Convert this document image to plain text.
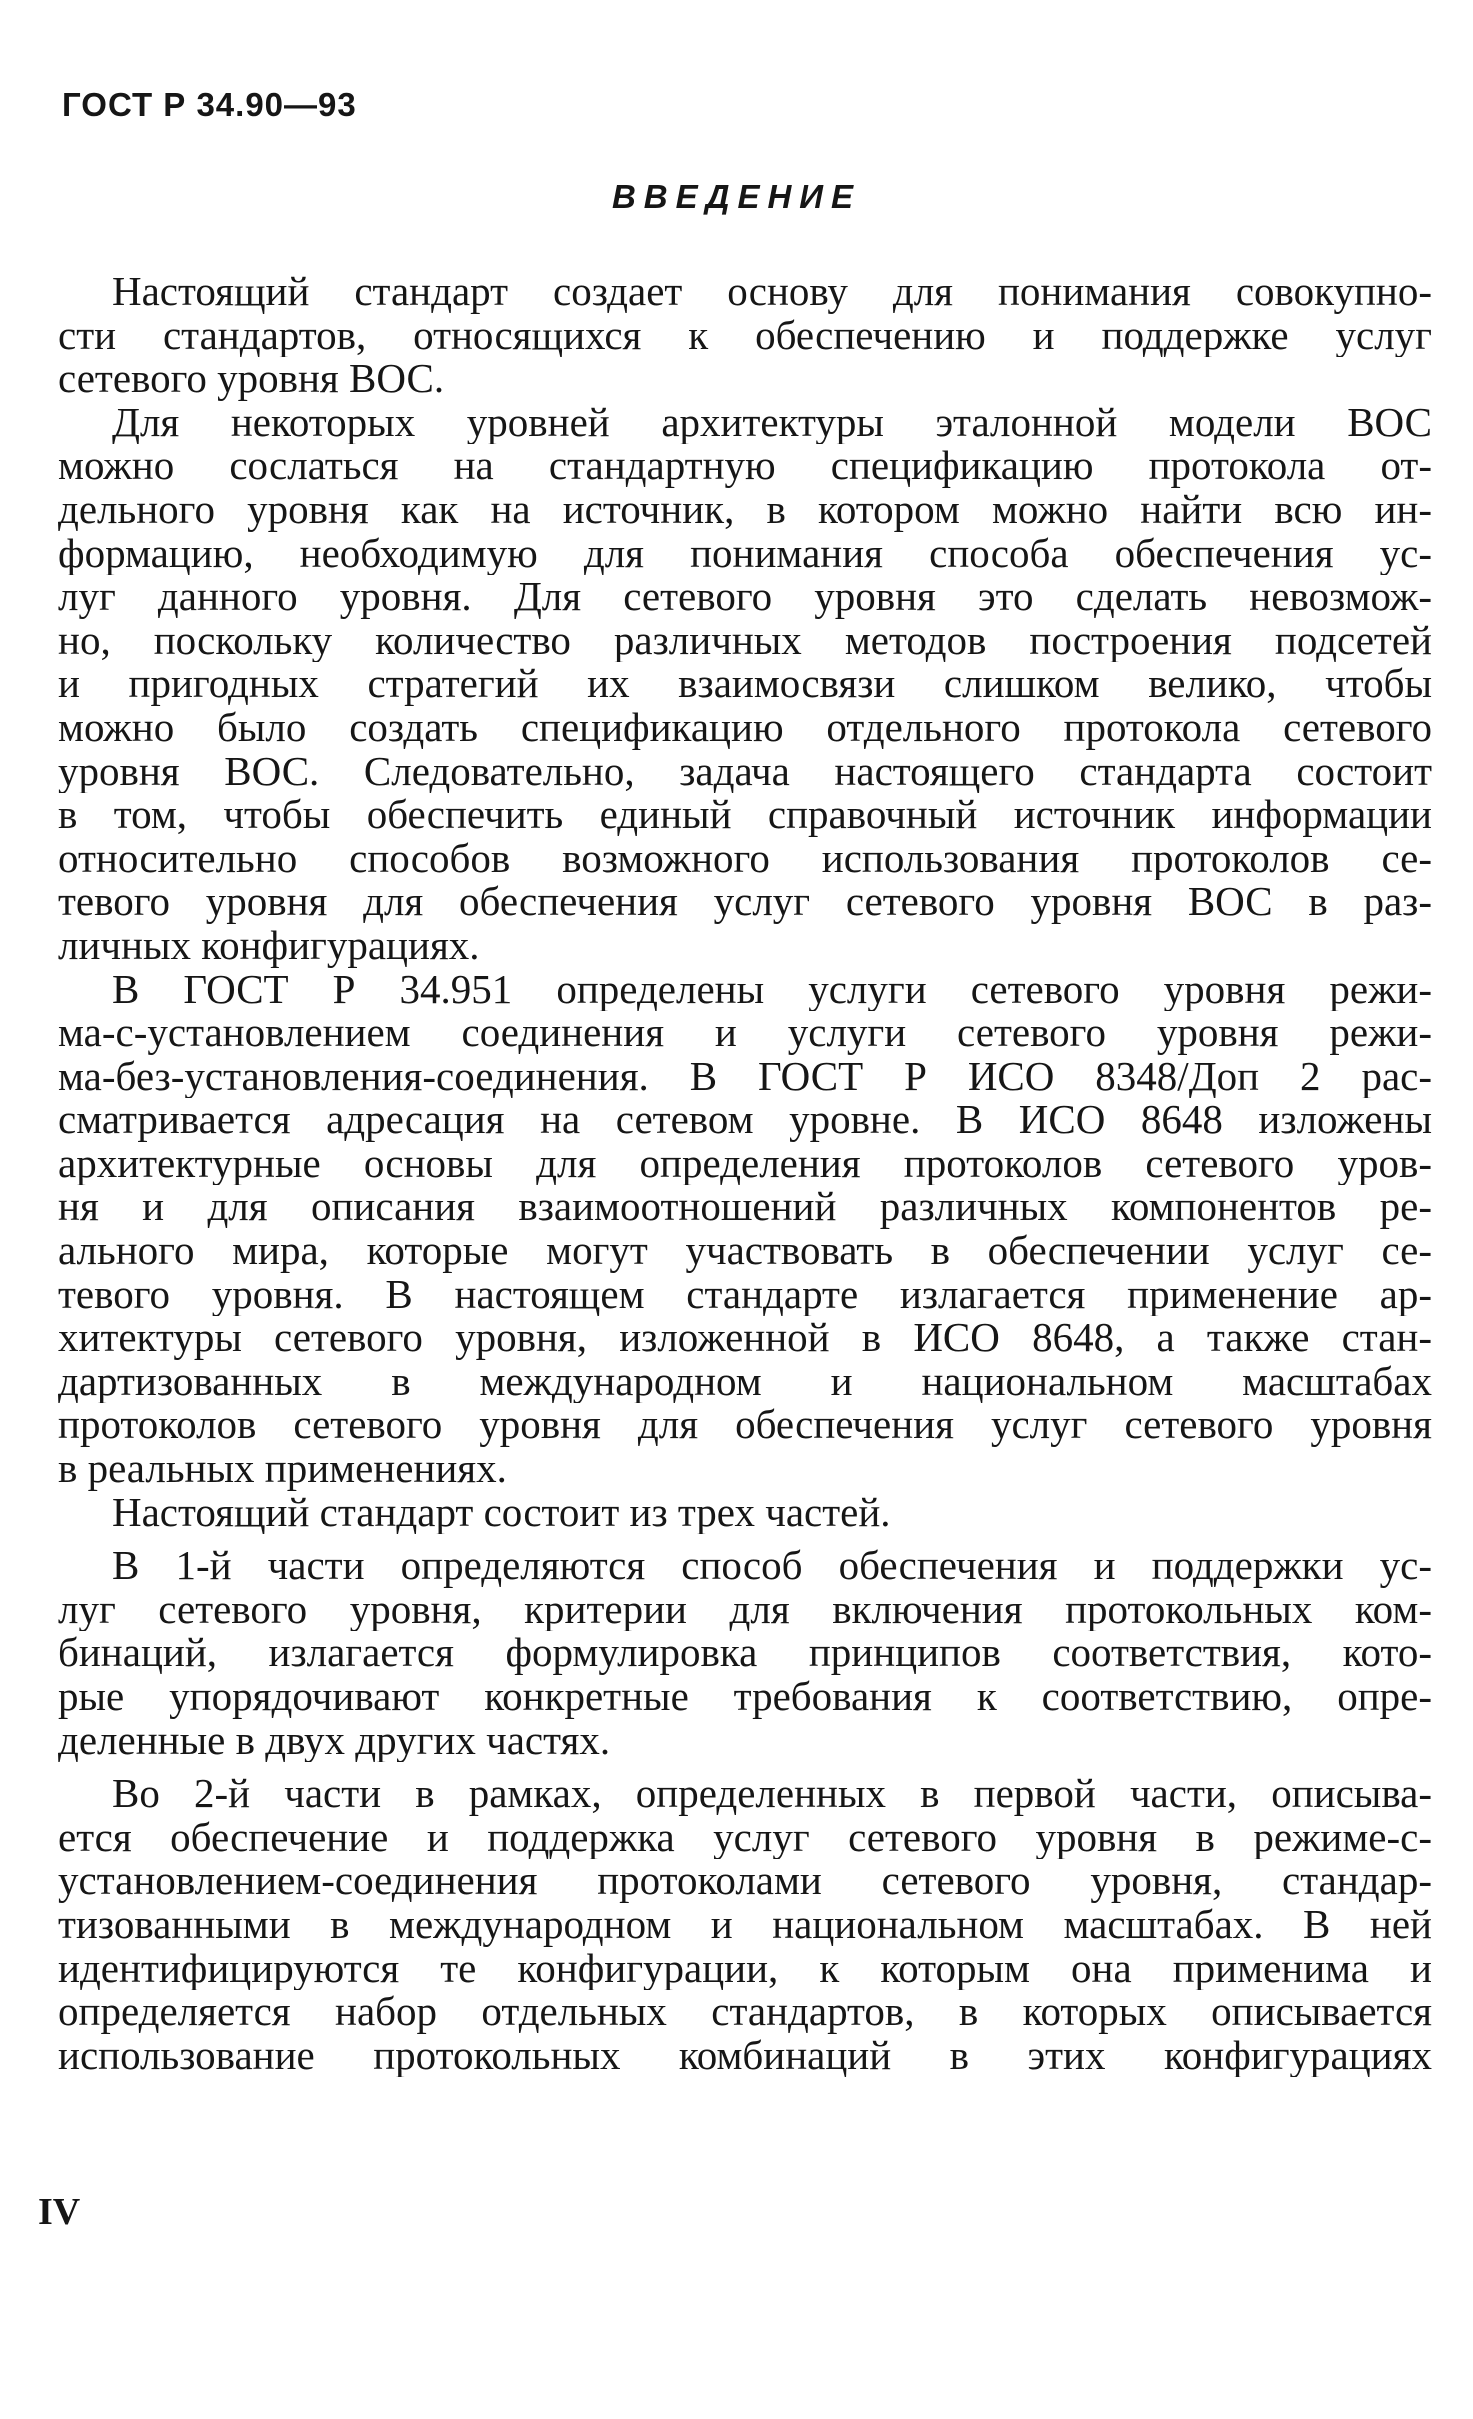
ГОСТ Р 34.90—93
ВВЕДЕНИЕ
Настоящий стандарт создает основу для понимания совокупно-
сти стандартов, относящихся к обеспечению и поддержке услуг
сетевого уровня ВОС.
Для некоторых уровней архитектуры эталонной модели ВОС
можно сослаться на стандартную спецификацию протокола от-
дельного уровня как на источник, в котором можно найти всю ин-
формацию, необходимую для понимания способа обеспечения ус-
луг данного уровня. Для сетевого уровня это сделать невозмож-
но, поскольку количество различных методов построения подсетей
и пригодных стратегий их взаимосвязи слишком велико, чтобы
можно было создать спецификацию отдельного протокола сетевого
уровня ВОС. Следовательно, задача настоящего стандарта состоит
в том, чтобы обеспечить единый справочный источник информации
относительно способов возможного использования протоколов се-
тевого уровня для обеспечения услуг сетевого уровня ВОС в раз-
личных конфигурациях.
В ГОСТ Р 34.951 определены услуги сетевого уровня режи-
ма-с-установлением соединения и услуги сетевого уровня режи-
ма-без-установления-соединения. В ГОСТ Р ИСО 8348/Доп 2 рас-
сматривается адресация на сетевом уровне. В ИСО 8648 изложены
архитектурные основы для определения протоколов сетевого уров-
ня и для описания взаимоотношений различных компонентов ре-
ального мира, которые могут участвовать в обеспечении услуг се-
тевого уровня. В настоящем стандарте излагается применение ар-
хитектуры сетевого уровня, изложенной в ИСО 8648, а также стан-
дартизованных в международном и национальном масштабах
протоколов сетевого уровня для обеспечения услуг сетевого уровня
в реальных применениях.
Настоящий стандарт состоит из трех частей.
В 1-й части определяются способ обеспечения и поддержки ус-
луг сетевого уровня, критерии для включения протокольных ком-
бинаций, излагается формулировка принципов соответствия, кото-
рые упорядочивают конкретные требования к соответствию, опре-
деленные в двух других частях.
Во 2-й части в рамках, определенных в первой части, описыва-
ется обеспечение и поддержка услуг сетевого уровня в режиме-с-
установлением-соединения протоколами сетевого уровня, стандар-
тизованными в международном и национальном масштабах. В ней
идентифицируются те конфигурации, к которым она применима и
определяется набор отдельных стандартов, в которых описывается
использование протокольных комбинаций в этих конфигурациях
IV
